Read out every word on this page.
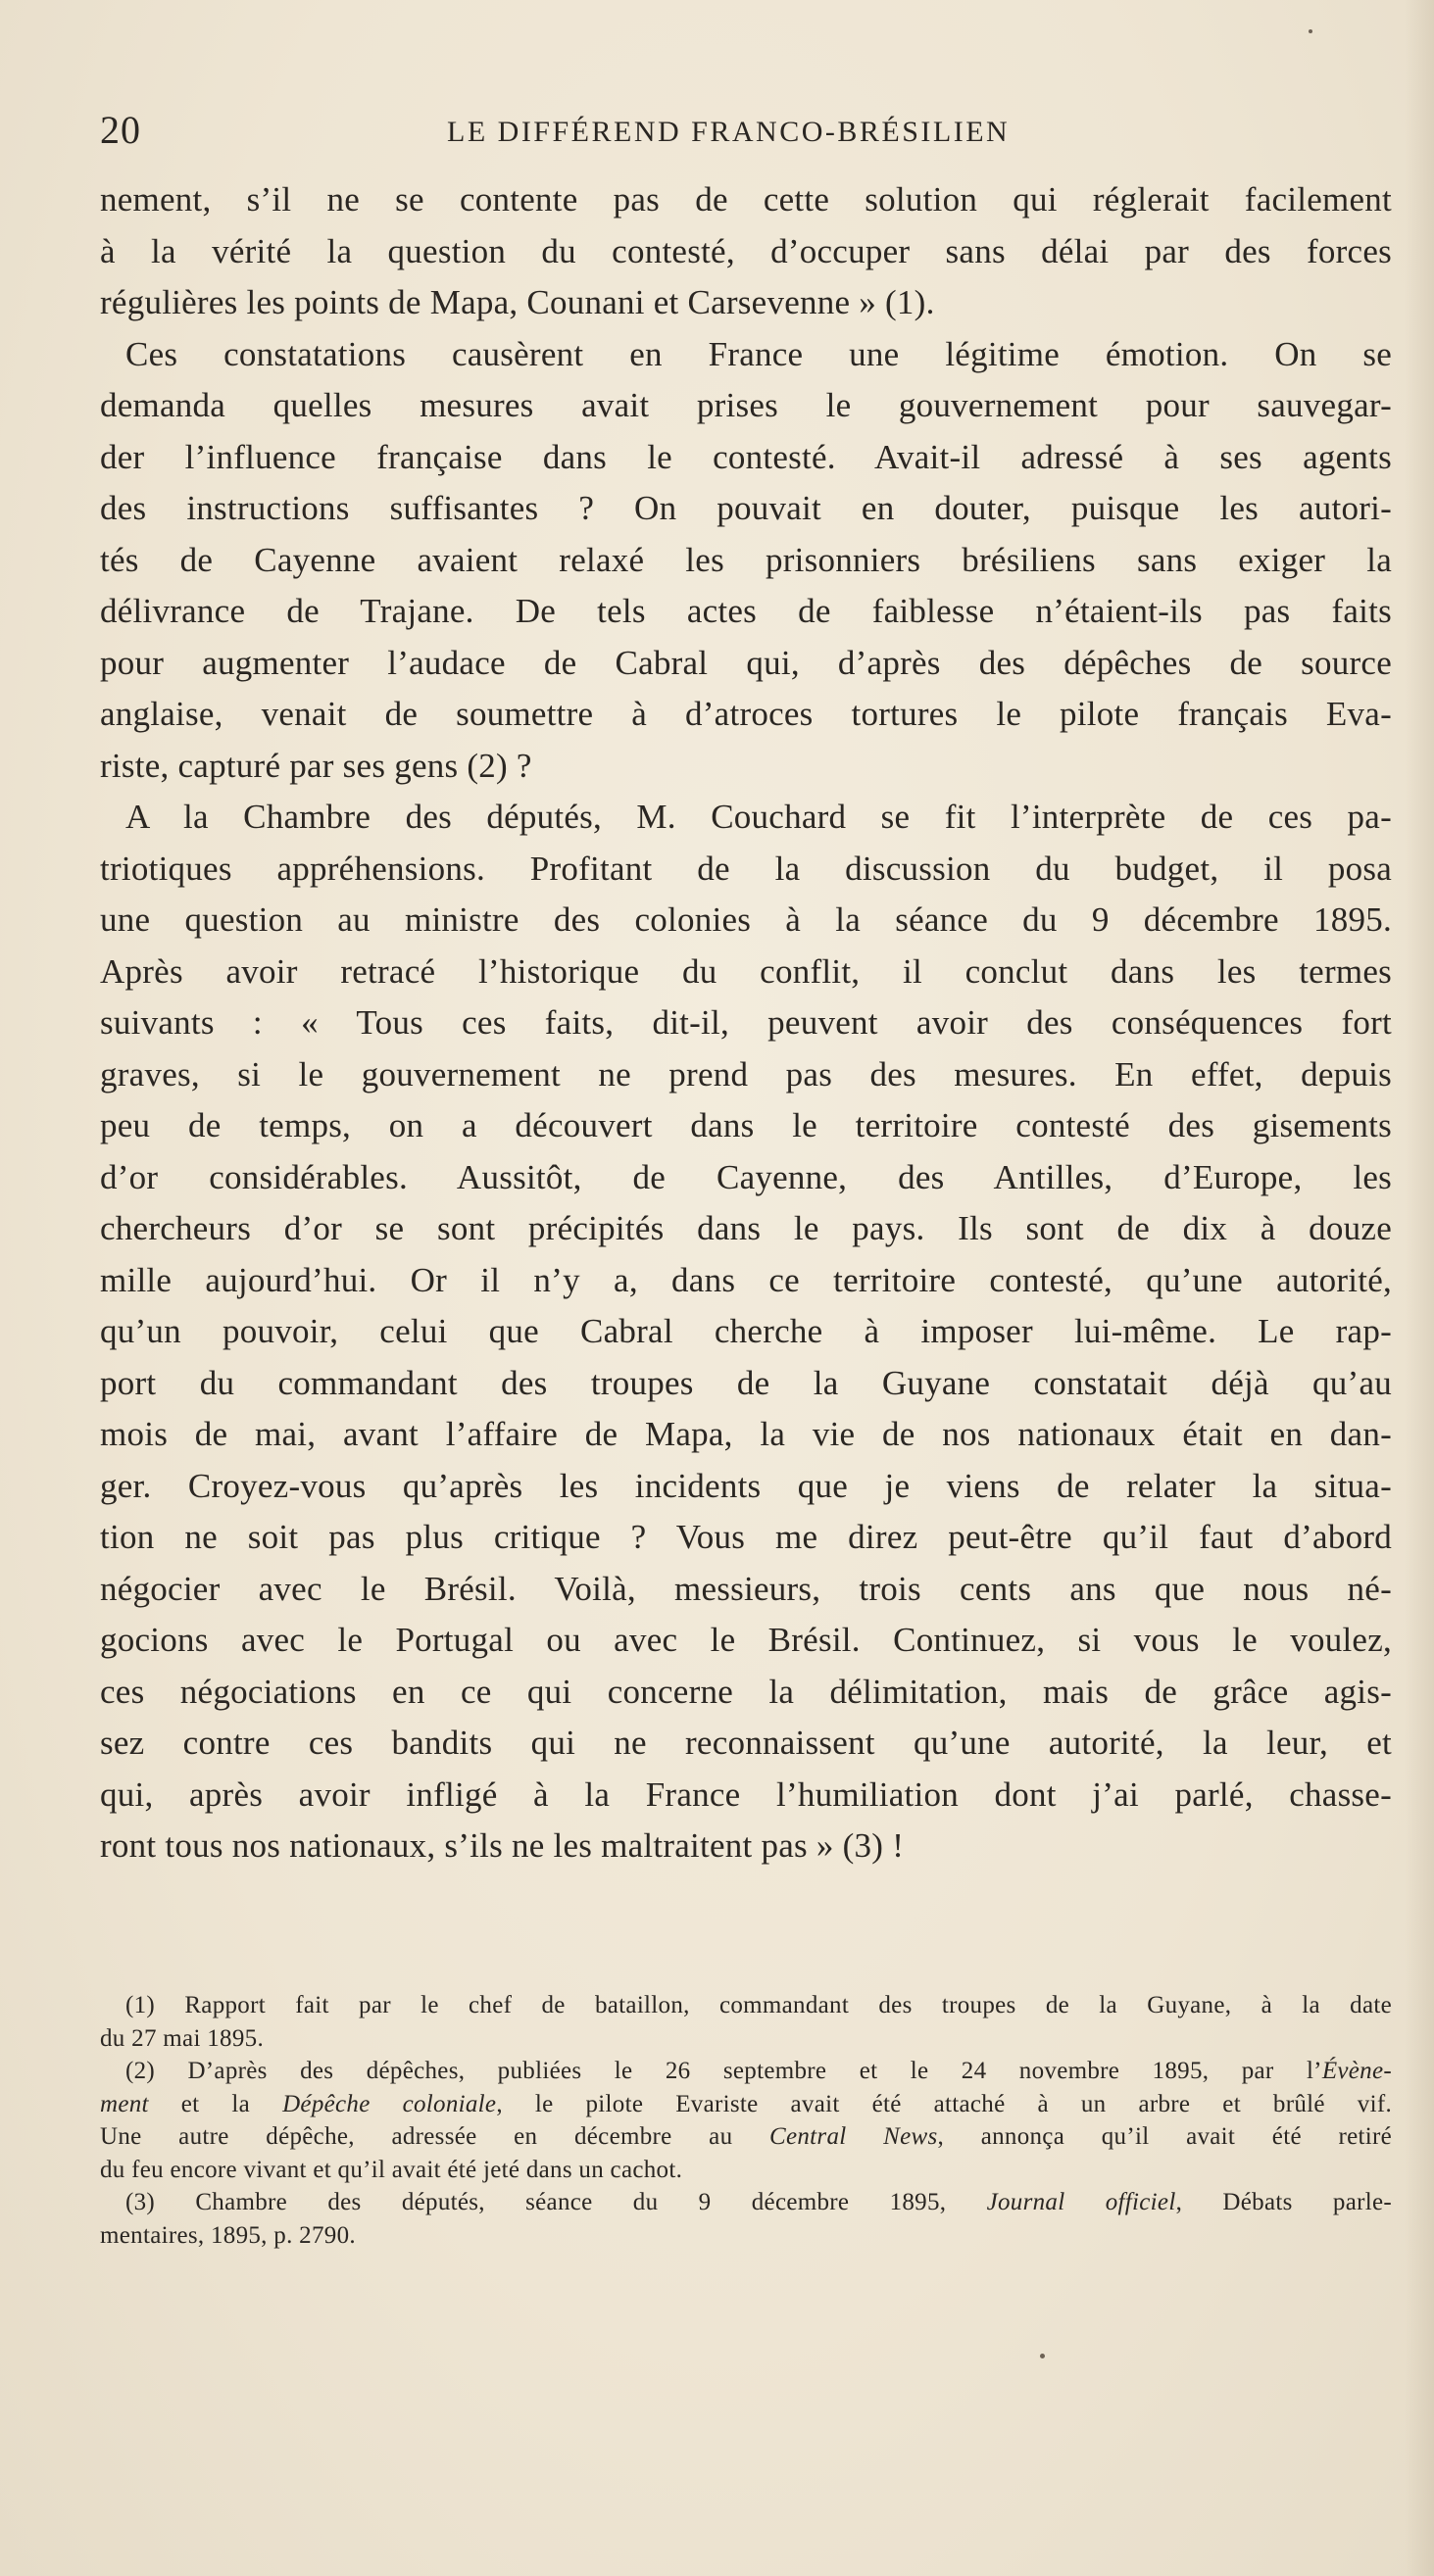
20	LE DIFFÉREND FRANCO-BRÉSILIEN
nement, s’il ne se contente pas de cette solution qui réglerait facilement
à la vérité la question du contesté, d’occuper sans délai par des forces
régulières les points de Mapa, Counani et Carsevenne » (1).
Ces constatations causèrent en France une légitime émotion. On se
demanda quelles mesures avait prises le gouvernement pour sauvegar-
der l’influence française dans le contesté. Avait-il adressé à ses agents
des instructions suffisantes ? On pouvait en douter, puisque les autori-
tés de Cayenne avaient relaxé les prisonniers brésiliens sans exiger la
délivrance de Trajane. De tels actes de faiblesse n’étaient-ils pas faits
pour augmenter l’audace de Cabral qui, d’après des dépêches de source
anglaise, venait de soumettre à d’atroces tortures le pilote français Eva-
riste, capturé par ses gens (2) ?
A la Chambre des députés, M. Couchard se fit l’interprète de ces pa-
triotiques appréhensions. Profitant de la discussion du budget, il posa
une question au ministre des colonies à la séance du 9 décembre 1895.
Après avoir retracé l’historique du conflit, il conclut dans les termes
suivants : « Tous ces faits, dit-il, peuvent avoir des conséquences fort
graves, si le gouvernement ne prend pas des mesures. En effet, depuis
peu de temps, on a découvert dans le territoire contesté des gisements
d’or considérables. Aussitôt, de Cayenne, des Antilles, d’Europe, les
chercheurs d’or se sont précipités dans le pays. Ils sont de dix à douze
mille aujourd’hui. Or il n’y a, dans ce territoire contesté, qu’une autorité,
qu’un pouvoir, celui que Cabral cherche à imposer lui-même. Le rap-
port du commandant des troupes de la Guyane constatait déjà qu’au
mois de mai, avant l’affaire de Mapa, la vie de nos nationaux était en dan-
ger. Croyez-vous qu’après les incidents que je viens de relater la situa-
tion ne soit pas plus critique ? Vous me direz peut-être qu’il faut d’abord
négocier avec le Brésil. Voilà, messieurs, trois cents ans que nous né-
gocions avec le Portugal ou avec le Brésil. Continuez, si vous le voulez,
ces négociations en ce qui concerne la délimitation, mais de grâce agis-
sez contre ces bandits qui ne reconnaissent qu’une autorité, la leur, et
qui, après avoir infligé à la France l’humiliation dont j’ai parlé, chasse-
ront tous nos nationaux, s’ils ne les maltraitent pas » (3) !
(1) Rapport fait par le chef de bataillon, commandant des troupes de la Guyane, à la date
du 27 mai 1895.
(2) D’après des dépêches, publiées le 26 septembre et le 24 novembre 1895, par l’Évène-
ment et la Dépêche coloniale, le pilote Evariste avait été attaché à un arbre et brûlé vif.
Une autre dépêche, adressée en décembre au Central News, annonça qu’il avait été retiré
du feu encore vivant et qu’il avait été jeté dans un cachot.
(3) Chambre des députés, séance du 9 décembre 1895, Journal officiel, Débats parle-
mentaires, 1895, p. 2790.
